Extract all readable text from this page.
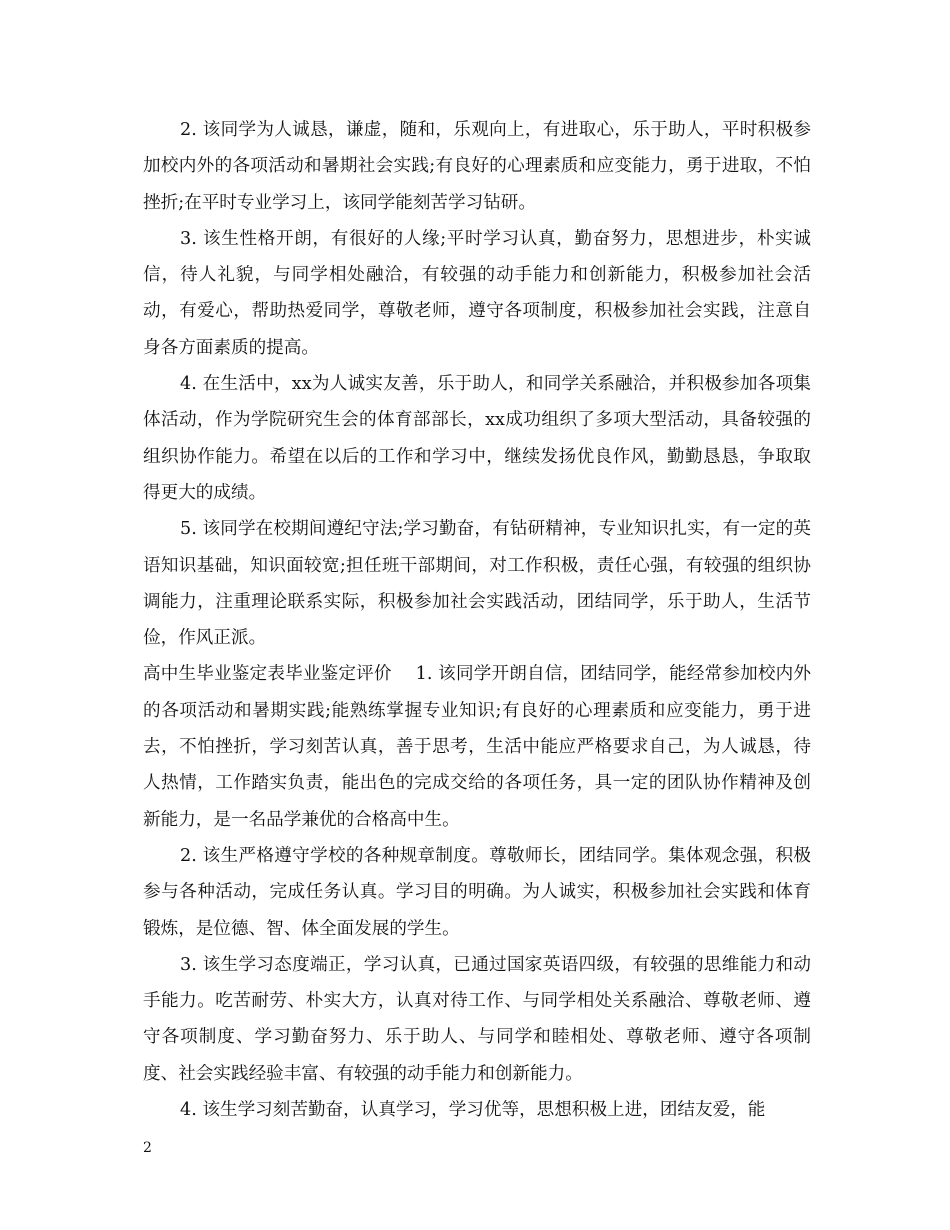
2. 该同学为人诚恳，谦虚，随和，乐观向上，有进取心，乐于助人，平时积极参加校内外的各项活动和暑期社会实践;有良好的心理素质和应变能力，勇于进取，不怕挫折;在平时专业学习上，该同学能刻苦学习钻研。

3. 该生性格开朗，有很好的人缘;平时学习认真，勤奋努力，思想进步，朴实诚信，待人礼貌，与同学相处融洽，有较强的动手能力和创新能力，积极参加社会活动，有爱心，帮助热爱同学，尊敬老师，遵守各项制度，积极参加社会实践，注意自身各方面素质的提高。

4. 在生活中，xx为人诚实友善，乐于助人，和同学关系融洽，并积极参加各项集体活动，作为学院研究生会的体育部部长，xx成功组织了多项大型活动，具备较强的组织协作能力。希望在以后的工作和学习中，继续发扬优良作风，勤勤恳恳，争取取得更大的成绩。

5. 该同学在校期间遵纪守法;学习勤奋，有钻研精神，专业知识扎实，有一定的英语知识基础，知识面较宽;担任班干部期间，对工作积极，责任心强，有较强的组织协调能力，注重理论联系实际，积极参加社会实践活动，团结同学，乐于助人，生活节俭，作风正派。

高中生毕业鉴定表毕业鉴定评价 1. 该同学开朗自信，团结同学，能经常参加校内外的各项活动和暑期实践;能熟练掌握专业知识;有良好的心理素质和应变能力，勇于进去，不怕挫折，学习刻苦认真，善于思考，生活中能应严格要求自己，为人诚恳，待人热情，工作踏实负责，能出色的完成交给的各项任务，具一定的团队协作精神及创新能力，是一名品学兼优的合格高中生。

2. 该生严格遵守学校的各种规章制度。尊敬师长，团结同学。集体观念强，积极参与各种活动，完成任务认真。学习目的明确。为人诚实，积极参加社会实践和体育锻炼，是位德、智、体全面发展的学生。

3. 该生学习态度端正，学习认真，已通过国家英语四级，有较强的思维能力和动手能力。吃苦耐劳、朴实大方，认真对待工作、与同学相处关系融洽、尊敬老师、遵守各项制度、学习勤奋努力、乐于助人、与同学和睦相处、尊敬老师、遵守各项制度、社会实践经验丰富、有较强的动手能力和创新能力。

4. 该生学习刻苦勤奋，认真学习，学习优等，思想积极上进，团结友爱，能

2
